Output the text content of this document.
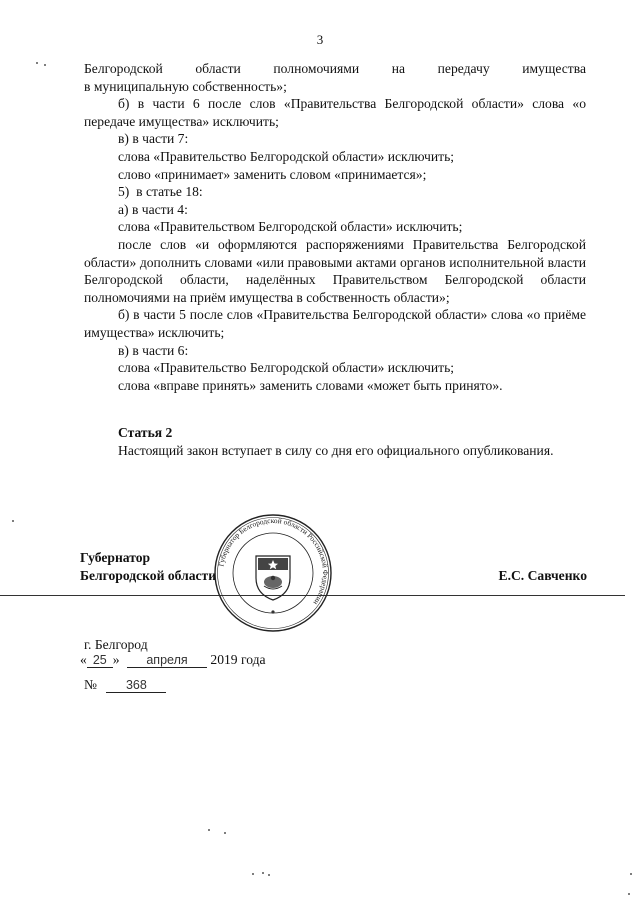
3

Белгородской   области   полномочиями   на   передачу   имущества

в муниципальную собственность»;

б) в части 6 после слов «Правительства Белгородской области» слова «о передаче имущества» исключить;

в) в части 7:

слова «Правительство Белгородской области» исключить;

слово «принимает» заменить словом «принимается»;

5)  в статье 18:

а) в части 4:

слова «Правительством Белгородской области» исключить;

после слов «и оформляются распоряжениями Правительства Белгородской области» дополнить словами «или правовыми актами органов исполнительной власти Белгородской области, наделённых Правительством Белгородской области полномочиями на приём имущества в собственность области»;

б) в части 5 после слов «Правительства Белгородской области» слова «о приёме имущества» исключить;

в) в части 6:

слова «Правительство Белгородской области» исключить;

слова «вправе принять» заменить словами «может быть принято».

Статья 2

Настоящий закон вступает в силу со дня его официального опубликования.

Губернатор
Белгородской области
Губернатор Белгородской области Российской Федерации
Е.С. Савченко
г. Белгород
« 25 » апреля 2019 года
№ 368
